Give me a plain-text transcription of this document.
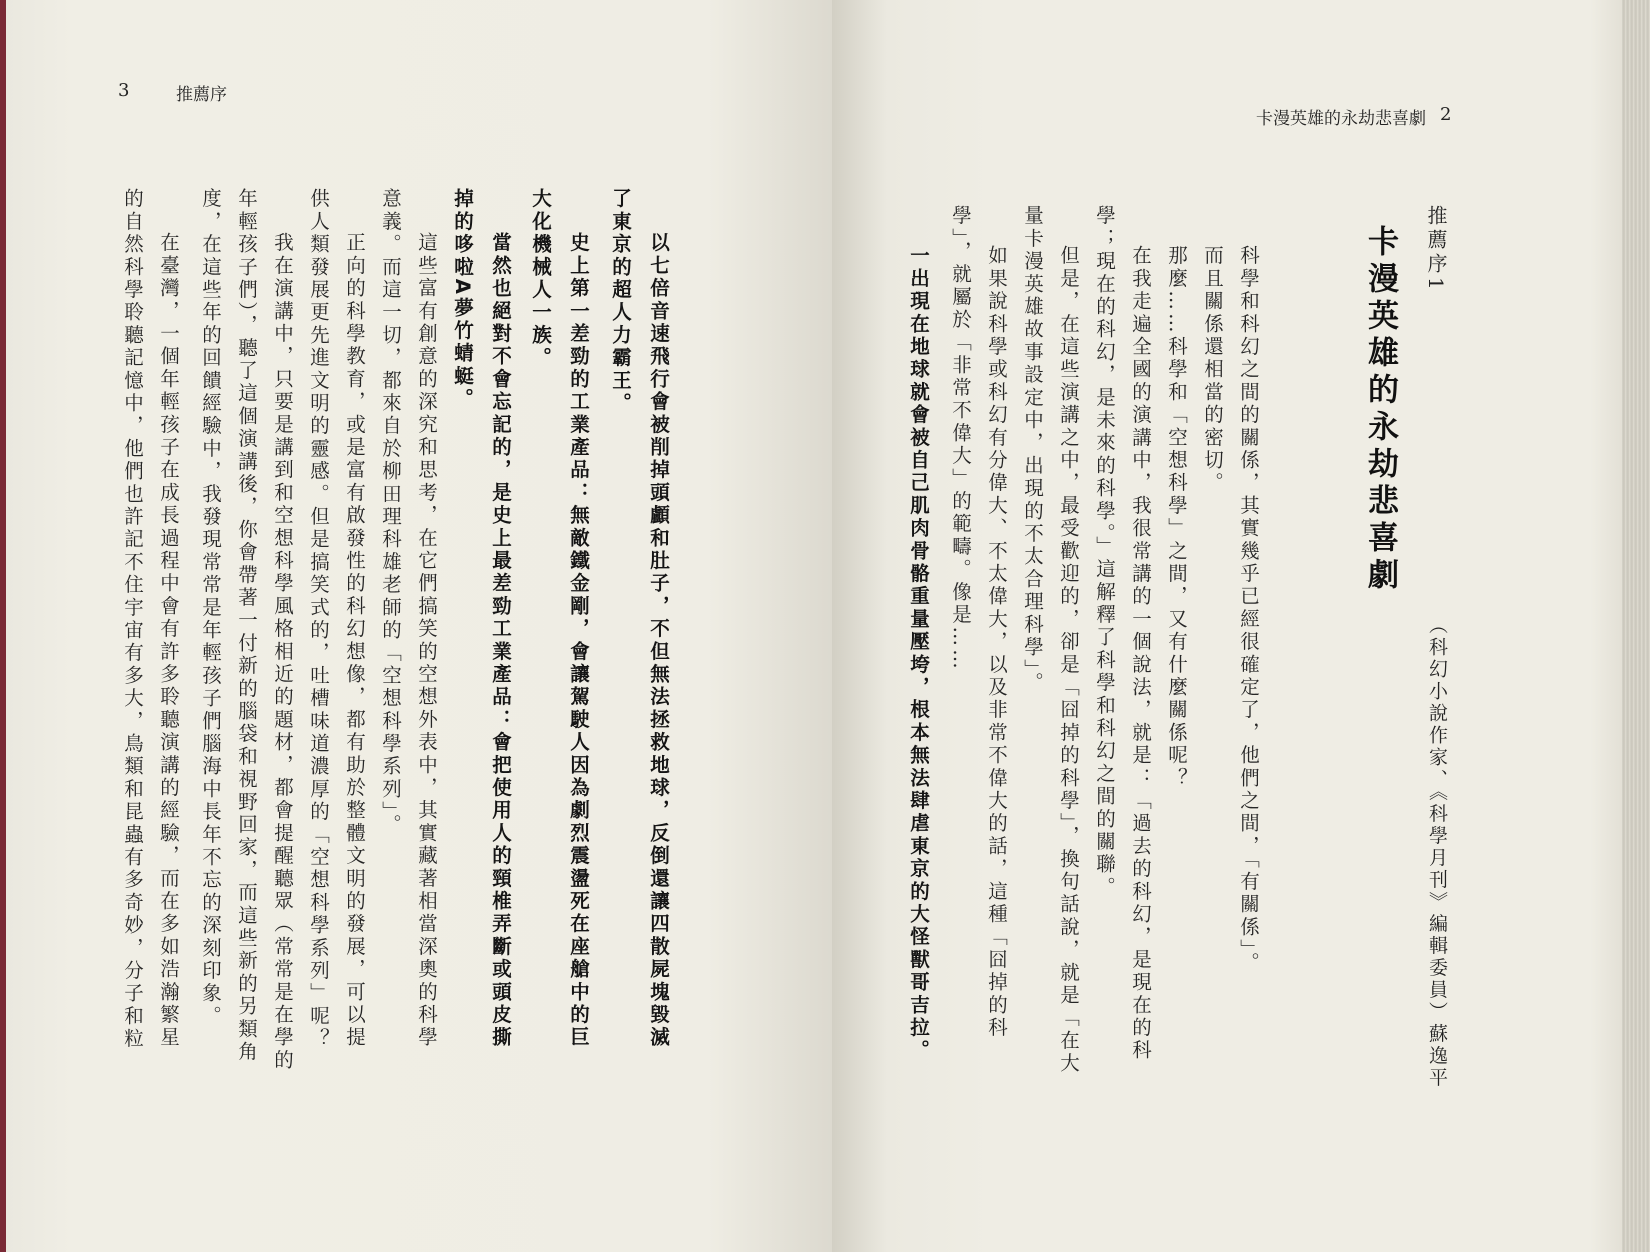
3	推薦序
以七倍音速飛行會被削掉頭顱和肚子，不但無法拯救地球，反倒還讓四散屍塊毀滅
了東京的超人力霸王。
史上第一差勁的工業產品：無敵鐵金剛，會讓駕駛人因為劇烈震盪死在座艙中的巨
大化機械人一族。
當然也絕對不會忘記的，是史上最差勁工業產品：會把使用人的頸椎弄斷或頭皮撕
掉的哆啦A夢竹蜻蜓。
這些富有創意的深究和思考，在它們搞笑的空想外表中，其實藏著相當深奧的科學
意義。而這一切，都來自於柳田理科雄老師的「空想科學系列」。
正向的科學教育，或是富有啟發性的科幻想像，都有助於整體文明的發展，可以提
供人類發展更先進文明的靈感。但是搞笑式的，吐槽味道濃厚的「空想科學系列」呢？
我在演講中，只要是講到和空想科學風格相近的題材，都會提醒聽眾（常常是在學的
年輕孩子們），聽了這個演講後，你會帶著一付新的腦袋和視野回家，而這些新的另類角
度，在這些年的回饋經驗中，我發現常常是年輕孩子們腦海中長年不忘的深刻印象。
在臺灣，一個年輕孩子在成長過程中會有許多聆聽演講的經驗，而在多如浩瀚繁星
的自然科學聆聽記憶中，他們也許記不住宇宙有多大，鳥類和昆蟲有多奇妙，分子和粒
卡漫英雄的永劫悲喜劇 2
推薦序1
卡漫英雄的永劫悲喜劇
（科幻小說作家、《科學月刊》編輯委員）蘇逸平
科學和科幻之間的關係，其實幾乎已經很確定了，他們之間，「有關係」。
而且關係還相當的密切。
那麼……科學和「空想科學」之間，又有什麼關係呢？
在我走遍全國的演講中，我很常講的一個說法，就是：「過去的科幻，是現在的科
學；現在的科幻，是未來的科學。」這解釋了科學和科幻之間的關聯。
但是，在這些演講之中，最受歡迎的，卻是「囧掉的科學」，換句話說，就是「在大
量卡漫英雄故事設定中，出現的不太合理科學」。
如果說科學或科幻有分偉大、不太偉大，以及非常不偉大的話，這種「囧掉的科
學」，就屬於「非常不偉大」的範疇。像是……
一出現在地球就會被自己肌肉骨骼重量壓垮，根本無法肆虐東京的大怪獸哥吉拉。
